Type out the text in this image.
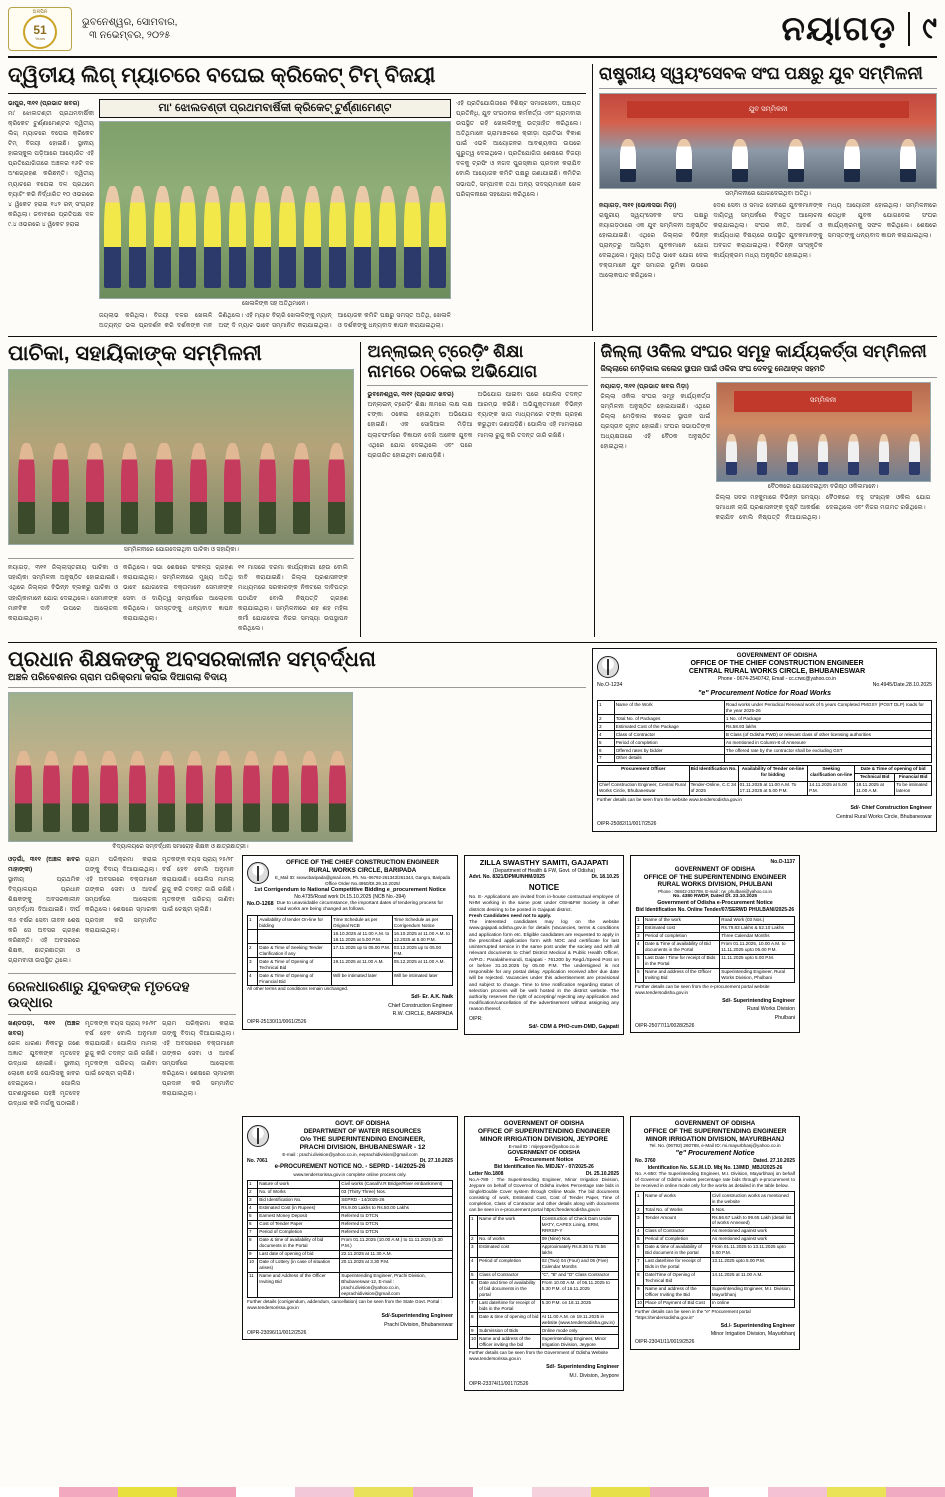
ଅଳ୍ପିନ
51
Years
ଭୁବନେଶ୍ୱର, ସୋମବାର,
୩ ନଭେମ୍ବର, ୨୦୨୫	ନୟାଗଡ଼ ୯
ଦ୍ୱିତୀୟ ଲିଗ୍ ମ୍ୟାଚରେ ବଘେଇ କ୍ରିକେଟ୍ ଟିମ୍ ବିଜୟୀ
ଭାପୁର, ୩୧୧ (ପ୍ରଭାତ ଖବର)

ମା' ଝୋଲତଣ୍ତୀ ପ୍ରଥମବାର୍ଷିକୀ କ୍ରିକେଟ ଟୁର୍ଣ୍ଣାମେଣ୍ଟର ଦ୍ୱିତୀୟ ଲିଗ୍ ମ୍ୟାଚରେ ବଘେଇ କ୍ରିକେଟ ଟିମ୍ ବିଜୟୀ ହୋଇଛି। ସ୍ଥାନୀୟ ହାଇସ୍କୁଲ ପଡ଼ିଆରେ ଆୟୋଜିତ ଏହି ପ୍ରତିଯୋଗିତାରେ ଅଞ୍ଚଳର ୧୬ଟି ଦଳ ଅଂଶଗ୍ରହଣ କରିଛନ୍ତି। ଦ୍ୱିତୀୟ ମ୍ୟାଚରେ ବଘେଇ ଦଳ ପ୍ରଥମେ ବ୍ୟାଟିଂ କରି ନିର୍ଦ୍ଧାରିତ ୧୦ ଓଭରରେ ୪ ୱିକେଟ ହରାଇ ୧୪୨ ରନ୍ ସଂଗ୍ରହ କରିଥିଲା। ଜବାବରେ ପ୍ରତିପକ୍ଷ ଦଳ ୯.୪ ଓଭରରେ ୪ ୱିକେଟ ହରାଇ

ମା' ଝୋଲତଣ୍ତୀ ପ୍ରଥମବାର୍ଷିକୀ କ୍ରିକେଟ୍ ଟୁର୍ଣ୍ଣାମେଣ୍ଟ
ଖେଳାଳିଙ୍କ ସହ ଅତିଥିମାନେ।
ଜୟଲାଭ କରିଥିଲା। ବିଜୟୀ ଦଳର ଖେଳାଳି ଅତ୍ୟନ୍ତ ଭଲ ପ୍ରଦର୍ଶନ କରି ଦର୍ଶକଙ୍କ ମନ ଜିଣିଥିଲେ। ଏହି ମ୍ୟାଚ ବିଚାରି ଖେଳାଳିଙ୍କୁ ମ୍ୟାନ୍ ଅଫ୍ ଦି ମ୍ୟାଚ ଭାବେ ସମ୍ମାନିତ କରାଯାଇଥିଲା। ଆୟୋଜକ କମିଟି ପକ୍ଷରୁ ସମସ୍ତ ଅତିଥି, ଖେଳାଳି ଓ ଦର୍ଶକଙ୍କୁ ଧନ୍ୟବାଦ ଜ୍ଞାପନ କରାଯାଇଥିଲା।

ଏହି ପ୍ରତିଯୋଗିତାରେ ବିଶିଷ୍ଟ ସମାଜସେବୀ, ପଞ୍ଚାୟତ ପ୍ରତିନିଧି, ଯୁବ ସଂଗଠନର କର୍ମକର୍ତ୍ତା ଏବଂ ଗ୍ରାମବାସୀ ଉପସ୍ଥିତ ରହି ଖେଳାଳିଙ୍କୁ ଉତ୍ସାହିତ କରିଥିଲେ। ଅତିଥିମାନେ ଗ୍ରାମାଞ୍ଚଳରେ କ୍ରୀଡ଼ା ପ୍ରତିଭା ବିକାଶ ପାଇଁ ଏଭଳି ଆୟୋଜନର ଆବଶ୍ୟକତା ଉପରେ ଗୁରୁତ୍ୱ ଦେଇଥିଲେ। ପ୍ରତିଯୋଗିତା ଶେଷରେ ବିଜୟୀ ଦଳକୁ ଟ୍ରଫି ଓ ନଗଦ ପୁରସ୍କାର ପ୍ରଦାନ କରାଯିବ ବୋଲି ଆୟୋଜକ କମିଟି ପକ୍ଷରୁ ଜଣାଯାଇଛି। କମିଟିର ସଭାପତି, ସମ୍ପାଦକ ତଥା ଅନ୍ୟ ସଦସ୍ୟମାନେ ଖେଳ ପରିଚାଳନାରେ ସହଯୋଗ କରିଥିଲେ।

ରାଷ୍ଟ୍ରୀୟ ସ୍ୱୟଂସେବକ ସଂଘ ପକ୍ଷରୁ ଯୁବ ସମ୍ମିଳନୀ
ଯୁବ ସମ୍ମିଳନୀ
ସମ୍ମିଳନୀରେ ଯୋଗଦେଇଥିବା ଅତିଥି।
ନୟାଗଡ଼, ୩୧୧ (ଭୋକସଭା ମିଡ଼ା)

ରାଷ୍ଟ୍ରୀୟ ସ୍ୱୟଂସେବକ ସଂଘ ପକ୍ଷରୁ ନୟାଗଡ଼ଠାରେ ଏକ ଯୁବ ସମ୍ମିଳନୀ ଅନୁଷ୍ଠିତ ହୋଇଯାଇଛି। ଏଥିରେ ଜିଲ୍ଲାର ବିଭିନ୍ନ ପ୍ରାନ୍ତରୁ ଆସିଥିବା ଯୁବକମାନେ ଯୋଗ ଦେଇଥିଲେ। ମୁଖ୍ୟ ଅତିଥି ଭାବେ ଯୋଗ ଦେଇ ବକ୍ତାମାନେ ଯୁବ ସମାଜର ଭୂମିକା ଉପରେ ଆଲୋକପାତ କରିଥିଲେ।

ଦେଶ ସେବା ଓ ସମାଜ ସେବାରେ ଯୁବକମାନଙ୍କ ଦାୟିତ୍ୱ ସମ୍ପର୍କରେ ବିସ୍ତୃତ ଆଲୋଚନା କରାଯାଇଥିଲା। ସଂଘର ନୀତି, ଆଦର୍ଶ ଓ କାର୍ଯ୍ୟଧାରା ବିଷୟରେ ଉପସ୍ଥିତ ଯୁବକମାନଙ୍କୁ ଅବଗତ କରାଯାଇଥିଲା। ବିଭିନ୍ନ ସାଂସ୍କୃତିକ କାର୍ଯ୍ୟକ୍ରମ ମଧ୍ୟ ଅନୁଷ୍ଠିତ ହୋଇଥିଲା।

ମଧ୍ୟ ଆୟୋଜନ ହୋଇଥିଲା। ସମ୍ମିଳନୀରେ ଶତାଧିକ ଯୁବକ ଯୋଗଦେଇ ସଂଘର କାର୍ଯ୍ୟକ୍ରମକୁ ସଫଳ କରିଥିଲେ। ଶେଷରେ ସମସ୍ତଙ୍କୁ ଧନ୍ୟବାଦ ଜ୍ଞାପନ କରାଯାଇଥିଲା।

ପାଚିକା, ସହାୟିକାଙ୍କ ସମ୍ମିଳନୀ
ସମ୍ମିଳନୀରେ ଯୋଗଦେଇଥିବା ପାଚିକା ଓ ସହାୟିକା।

ନୟାଗଡ଼, ୩୧୧ ଜିଲ୍ଲାସ୍ତରୀୟ ପାଚିକା ଓ ସହାୟିକା ସମ୍ମିଳନୀ ଅନୁଷ୍ଠିତ ହୋଇଯାଇଛି। ଏଥିରେ ଜିଲ୍ଲାର ବିଭିନ୍ନ ବ୍ଲକରୁ ପାଚିକା ଓ ସହାୟିକାମାନେ ଯୋଗ ଦେଇଥିଲେ। ସେମାନଙ୍କ ମାନବିକ ଦାବି ଉପରେ ଆଲୋଚନା କରାଯାଇଥିଲା।

କରିଥିଲେ। ସଭା ଶେଷରେ ସଂକଳ୍ପ ଗ୍ରହଣ କରାଯାଇଥିଲା। ସମ୍ମିଳନୀରେ ମୁଖ୍ୟ ଅତିଥି ଭାବେ ଯୋଗଦେଇ ବକ୍ତାମାନେ ସେମାନଙ୍କ ସେବା ଓ ଦାୟିତ୍ୱ ସମ୍ପର୍କରେ ଆଲୋଚନା କରିଥିଲେ। ସମସ୍ତଙ୍କୁ ଧନ୍ୟବାଦ ଜ୍ଞାପନ କରାଯାଇଥିଲା।

୧୧ ମାସରେ ଦରମା କାର୍ଯ୍ୟକାରୀ ହେଉ ବୋଲି ଦାବି କରାଯାଇଛି। ଜିଲ୍ଲା ପ୍ରଶାସନଙ୍କ ମାଧ୍ୟମରେ ସରକାରଙ୍କ ନିକଟରେ ଦାବିପତ୍ର ପଠାଯିବ ବୋଲି ନିଷ୍ପତ୍ତି ଗ୍ରହଣ କରାଯାଇଥିଲା। ସମ୍ମିଳନୀରେ ଶହ ଶହ ମହିଳା କର୍ମୀ ଯୋଗଦେଇ ନିଜର ସମସ୍ୟା ଉପସ୍ଥାପନ କରିଥିଲେ।

ଅନ୍‌ଲାଇନ୍ ଟ୍ରେଡ଼ିଂ ଶିକ୍ଷା
ନାମରେ ଠକେଇ ଅଭିଯୋଗ
ଭୁବନେଶ୍ୱର, ୩୧୧ (ପ୍ରଭାତ ଖବର)

ଅନ୍‌ଲାଇନ୍ ଟ୍ରେଡ଼ିଂ ଶିକ୍ଷା ନାମରେ ଲକ୍ଷ ଲକ୍ଷ ଟଙ୍କା ଠକେଇ ହୋଇଥିବା ଅଭିଯୋଗ ହୋଇଛି। ଏକ ସୋସିଆଲ ମିଡ଼ିଆ ପ୍ଲାଟଫର୍ମରେ ବିଜ୍ଞାପନ ଦେଖି ଅନେକ ଯୁବକ ଏଥିରେ ଯୋଗ ଦେଇଥିଲେ ଏବଂ ପରେ ପ୍ରତାରିତ ହୋଇଥିବା ଜଣାପଡ଼ିଛି।

ଅଭିଯୋଗ ପାଇବା ପରେ ପୋଲିସ ତଦନ୍ତ ଆରମ୍ଭ କରିଛି। ଅଭିଯୁକ୍ତମାନେ ବିଭିନ୍ନ ବ୍ୟାଙ୍କ ଖାତା ମାଧ୍ୟମରେ ଟଙ୍କା ଗ୍ରହଣ କରୁଥିବା ଜଣାପଡ଼ିଛି। ପୋଲିସ ଏହି ମାମଲାରେ ମାମଲା ରୁଜୁ କରି ତଦନ୍ତ ଜାରି ରଖିଛି।

ଜିଲ୍ଲା ଓକିଲ ସଂଘର ସମୂହ କାର୍ଯ୍ୟକର୍ତ୍ତା ସମ୍ମିଳନୀ
ଜିଲ୍ଲାରେ ମେଡ଼ିକାଲ କଲେଜ ସ୍ଥାପନ ପାଇଁ ଓକିଲ ସଂଘ ଦେବଦୁ ନେଥାଙ୍କ ସହମତି
ନୟାଗଡ଼, ୩୧୧ (ପ୍ରଭାତ ଖବର ମିଡ଼ା)

ଜିଲ୍ଲା ଓକିଲ ସଂଘର ସମୂହ କାର୍ଯ୍ୟକର୍ତ୍ତା ସମ୍ମିଳନୀ ଅନୁଷ୍ଠିତ ହୋଇଯାଇଛି। ଏଥିରେ ଜିଲ୍ଲା ମେଡ଼ିକାଲ କଲେଜ ସ୍ଥାପନ ପାଇଁ ପ୍ରସ୍ତାବ ଗୃହୀତ ହୋଇଛି। ସଂଘର ସଭାପତିଙ୍କ ଅଧ୍ୟକ୍ଷତାରେ ଏହି ବୈଠକ ଅନୁଷ୍ଠିତ ହୋଇଥିଲା।

ସମ୍ମିଳନୀ
ବୈଠକରେ ଯୋଗଦେଇଥିବା ବରିଷ୍ଠ ଓକିଲମାନେ।
ଜିଲ୍ଲା ସଦର ମହକୁମାରେ ବିଭିନ୍ନ ସମସ୍ୟା ସମାଧାନ ଲାଗି ପ୍ରଶାସନଙ୍କ ଦୃଷ୍ଟି ଆକର୍ଷଣ କରାଯିବ ବୋଲି ନିଷ୍ପତ୍ତି ନିଆଯାଇଥିଲା। ବୈଠକରେ ବହୁ ସଂଖ୍ୟକ ଓକିଲ ଯୋଗ ଦେଇଥିଲେ ଏବଂ ନିଜର ମତାମତ ରଖିଥିଲେ।
ପ୍ରଧାନ ଶିକ୍ଷକଙ୍କୁ ଅବସରକାଳୀନ ସମ୍ବର୍ଦ୍ଧନା
ଅଞ୍ଚଳ ପରିବେଶନର ଗ୍ରାମ ପରିକ୍ରମା କରାଇ ଦିଆଗଲା ବିଦାୟ
ବିଦ୍ୟାଳୟରେ ସମ୍ବର୍ଦ୍ଧନା ସମାରୋହ ଶିକ୍ଷକ ଓ ଛାତ୍ରଛାତ୍ରୀ।
GOVERNMENT OF ODISHA
OFFICE OF THE CHIEF CONSTRUCTION ENGINEER
CENTRAL RURAL WORKS CIRCLE, BHUBANESWAR
Phone - 0674-2540742, Email - cc.crwc@yahoo.co.in
No.O-1234	No.4945/Date.28.10.2025
"e" Procurement Notice for Road Works
1	Name of the Work	Road works under Periodical Renewal work of 5 years Completed PMGSY (POST DLP) roads for the year 2025-26
2	Total No. of Packages	1 No. of Package
3	Estimated Cost of the Package	Rs.58.93 lakhs
4	Class of Contractor	B Class (of Odisha PWD) or relevant class of other licensing authorities
5	Period of completion	As mentioned in Column-8 of Annexure
6	Offered rates by bidder	The offered rate by the contractor shall be excluding GST
7	Other details	
Procurement Officer	Bid Identification No.	Availability of Tender on-line for bidding	Seeking clarification on-line	Date & Time of opening of bid	
				Technical Bid	Financial Bid
Chief Construction Engineer, Central Rural Works Circle, Bhubaneswar	Tender-Online, C.C 34 of 2025	01.11.2025 at 11.00 A.M. To 17.11.2025 at 5.00 P.M.	14.11.2025 at 5.00 P.M.	18.11.2025 at 11.00 A.M.	To be intimated lateron
Further details can be seen from the website www.tendersodisha.gov.in
Sd/- Chief Construction Engineer
Central Rural Works Circle, Bhubaneswar
OIPR-25082/11/0017/2526
ଓଡ଼ଗାଁ, ୩୧୧ (ଅଞ୍ଚଳ ଖବର ମାହାଙ୍କୀ)

ସ୍ଥାନୀୟ ପ୍ରାଥମିକ ବିଦ୍ୟାଳୟର ପ୍ରଧାନ ଶିକ୍ଷକଙ୍କୁ ଅବସରକାଳୀନ ସମ୍ବର୍ଦ୍ଧନା ଦିଆଯାଇଛି। ଦୀର୍ଘ ୩୫ ବର୍ଷର ସେବା ଜୀବନ ଶେଷ କରି ସେ ଅବସର ଗ୍ରହଣ କରିଛନ୍ତି। ଏହି ଅବସରରେ ଶିକ୍ଷକ, ଛାତ୍ରଛାତ୍ରୀ ଓ ଗ୍ରାମବାସୀ ଉପସ୍ଥିତ ଥିଲେ।

ଗ୍ରାମ ପରିକ୍ରମା କରାଇ ତାଙ୍କୁ ବିଦାୟ ଦିଆଯାଇଥିଲା। ଏହି ଅବସରରେ ବକ୍ତାମାନେ ତାଙ୍କର ସେବା ଓ ଆଦର୍ଶ ସମ୍ପର୍କରେ ଆଲୋଚନା କରିଥିଲେ। ଶେଷରେ ସ୍ମାରକୀ ପ୍ରଦାନ କରି ସମ୍ମାନିତ କରାଯାଇଥିଲା।

ମୃତକଙ୍କ ବୟସ ପ୍ରାୟ ୨୫/୨୮ ବର୍ଷ ହେବ ବୋଲି ଅନୁମାନ କରାଯାଉଛି। ପୋଲିସ ମାମଲା ରୁଜୁ କରି ତଦନ୍ତ ଜାରି ରଖିଛି। ମୃତକଙ୍କ ପରିଚୟ ଜାଣିବା ପାଇଁ ଚେଷ୍ଟା ଚାଲିଛି।

ରେଳଧାରଣାରୁ ଯୁବକଙ୍କ ମୃତଦେହ ଉଦ୍ଧାର
ଖଣ୍ଡପଡ଼ା, ୩୧୧ (ଅଞ୍ଚଳ ଖବର)

ରେଳ ଧାରଣା ନିକଟରୁ ଜଣେ ଅଜ୍ଞାତ ଯୁବକଙ୍କ ମୃତଦେହ ଉଦ୍ଧାର ହୋଇଛି। ସ୍ଥାନୀୟ ଲୋକେ ଦେଖି ପୋଲିସକୁ ଖବର ଦେଇଥିଲେ। ପୋଲିସ ଘଟଣାସ୍ଥଳରେ ପହଞ୍ଚି ମୃତଦେହ ଉଦ୍ଧାର କରି ମର୍ଗକୁ ପଠାଇଛି।

ମୃତକଙ୍କ ବୟସ ପ୍ରାୟ ୨୫/୨୮ ବର୍ଷ ହେବ ବୋଲି ଅନୁମାନ କରାଯାଉଛି। ପୋଲିସ ମାମଲା ରୁଜୁ କରି ତଦନ୍ତ ଜାରି ରଖିଛି। ମୃତକଙ୍କ ପରିଚୟ ଜାଣିବା ପାଇଁ ଚେଷ୍ଟା ଚାଲିଛି।

ଗ୍ରାମ ପରିକ୍ରମା କରାଇ ତାଙ୍କୁ ବିଦାୟ ଦିଆଯାଇଥିଲା। ଏହି ଅବସରରେ ବକ୍ତାମାନେ ତାଙ୍କର ସେବା ଓ ଆଦର୍ଶ ସମ୍ପର୍କରେ ଆଲୋଚନା କରିଥିଲେ। ଶେଷରେ ସ୍ମାରକୀ ପ୍ରଦାନ କରି ସମ୍ମାନିତ କରାଯାଇଥିଲା।

OFFICE OF THE CHIEF CONSTRUCTION ENGINEER
RURAL WORKS CIRCLE, BARIPADA
E_Mail ID: sexwcbaripada@gmail.com, Ph. No.-06792-261343/261344, Gangra, Baripada
Office Order No.4950/Dt.29.10.2025/
1st Corrigendum to National Competitive Bidding e_procurement Notice
No.4735/Road work Dt.15.10.2025 (NCB No.-394)
No.O-1268 Due to unavoidable circumstance, the important dates of tendering process for road works are being changed as follows.
1	Availability of tender On-line for bidding	Time Schedule as per Original NCB	Time Schedule as per Corrigendum Notice
		16.10.2025 at 11.00 A.M. to 18.11.2025 at 5.00 P.M.	16.10.2025 at 11.00 A.M. to 12.2025 at 5.00 P.M.
2	Date & Time of Seeking Tender Clarification if any	17.11.2025 up to 05.00 P.M.	03.12.2025 up to 05.00 P.M.
3	Date & Time of Opening of Technical Bid	19.11.2025 at 11.00 A.M.	05.12.2025 at 11.00 A.M.
4	Date & Time of Opening of Financial Bid	Will be intimated later	Will be intimated later
All other terms and conditions remain unchanged.
Sd/- Er. A.K. Naik
Chief Construction Engineer
R.W. CIRCLE, BARIPADA
OIPR-25130/11/0061/2526
ZILLA SWASTHY SAMITI, GAJAPATI
(Department of Health & FW, Govt. of Odisha)
Advt. No. 8321/DPMU/NHM/2025	Dt. 18.10.25
NOTICE
No. E- Applications are invited from in-house contractual employee of NHM working in the same post under OSH&FW Society in other districts desiring to be posted in Gajapati district.
Fresh Candidates need not to apply.
The interested candidates may log on the website www.gajapati.odisha.gov.in for details (Vacancies, terms & conditions and application form etc. Eligible candidates are requested to apply in the prescribed application form with NOC and certificate for last uninterrupted service in the same post under the society and with all relevant documents to Chief District Medical & Public Health Officer, AI/P.O.: Paralakhemundi, Gajapati - 761200 by Regd./Speed Post on or before 31.10.2025 by 05.00 P.M. The undersigned is not responsible for any postal delay. Application received after due date will be rejected. Vacancies under this advertisement are provisional and subject to change. Time to time notification regarding status of selection process will be web hosted in the district website. The authority reserves the right of accepting/ rejecting any application and modification/cancellation of the advertisement without assigning any reason thereof.
OIPR:
Sd/- CDM & PHO-cum-DMD, Gajapati
No.O-1137
GOVERNMENT OF ODISHA
OFFICE OF THE SUPERINTENDING ENGINEER
RURAL WORKS DIVISION, PHULBANI
Phone : 06842-253708, E-mail : rw_phulbani@yahoo.co.in
No. 4380 RWDP, Dated Dt. 23.10.2025
Government of Odisha e-Procurement Notice
Bid Identification No. Online Tender/07/SERWD PHULBANI/2025-26
1	Name of the work	Road Work (03 Nos.)
2	Estimated cost	Rs.79.83 Lakhs & 52.10 Lakhs
3	Period of completion	Three Calendar Months
4	Date & Time of availability of Bid documents in the Portal	From 01.11.2025, 10.00 A.M. to 11.11.2025 upto 05.00 P.M.
5	Last Date / Time for receipt of Bids in the Portal	11.11.2025 upto 5.00 P.M.
6	Name and address of the Officer Inviting Bid	Superintending Engineer, Rural Works Division, Phulbani
Further details can be seen from the e-procurement portal website www.tendersodisha.gov.in
Sd/- Superintending Engineer
Rural Works Division
Phulbani
OIPR-25077/11/0028/2526
GOVT. OF ODISHA
DEPARTMENT OF WATER RESOURCES
O/o THE SUPERINTENDING ENGINEER,
PRACHI DIVISION, BHUBANESWAR - 12
E-mail : prachi.division@yahoo.co.in, eeprachidivision@gmail.com
No. 7061	Dt. 27.10.2025
e-PROCUREMENT NOTICE NO. - SEPRD - 14/2025-26
www.tendersorissa.gov.in complete online process only.
1	Nature of work	Civil works (Canal/V.R Bridge/River embankment)
2	No. of Works	03 (Thirty Three) Nos.
3	Bid Identification No.	SEPRD - 14/2025-26
4	Estimated Cost (in Rupees)	Rs.9.00 Lakhs to Rs.50.00 Lakhs
5	Earnest Money Deposit	Referred to DTCN
6	Cost of Tender Paper	Referred to DTCN
7	Period of Completion	Referred to DTCN
8	Date & time of availability of bid documents in the Portal	From 01.11.2025 (10.00 A.M.) to 11.11.2025 (5.30 P.M.)
9	Last date of opening of bid	22.11.2025 at 11.30 A.M.
10	Date of Lottery (in case of situation arises)	20.11.2025 at 3.30 P.M.
11	Name and Address of the Officer Inviting Bid	Superintending Engineer, Prachi Division, Bhubaneswar-12, E-mail : prachi.division@yahoo.co.in, eeprachidivision@gmail.com
Further details (corrigendum, addendum, cancellation) can be seen from the State Govt. Portal : www.tendersorissa.gov.in
Sd/-Superintending Engineer
Prachi Division, Bhubaneswar
OIPR-23096/11/0012/2526
GOVERNMENT OF ODISHA
OFFICE OF SUPERINTENDING ENGINEER
MINOR IRRIGATION DIVISION, JEYPORE
E-mail ID : mijeypore@yahoo.co.in
GOVERNMENT OF ODISHA
E-Procurement Notice
Bid Identification No. MIDJEY - 07/2025-26
Letter No.1808	Dt. 25.10.2025
No.A-789 : The Superintending Engineer, Minor Irrigation Division, Jeypore on behalf of Governor of Odisha invites Percentage rate bids in Single/Double Cover system through Online Mode. The bid documents consisting of work, Estimated Cost, Cost of Tender Paper, Time of completion, Class of Contractor and other details along with documents can be seen in e-procurement portal https://tendersodisha.gov.in
1	Name of the work	Construction of Check Dam Under MATY, CAPEX Lining, ERM, RRRSP-Y
2	No. of works	09 (Nine) Nos.
3	Estimated cost	Approximately Rs.8.36 to 75.56 lakhs
4	Period of completion	02 (Two) 04 (Four) and 05 (Five) Calendar Months
5	Class of Contractor	"C", "B" and "D" Class Contractor
6	Date and time of availability of bid documents in the portal	From 10.00 A.M. of 06.11.2025 to 5.30 P.M. of 16.11.2025
7	Last date/time for receipt of bids in the Portal	5.30 P.M. on 18.11.2025
8	Date & time of opening of bid	At 11.00 A.M. on 19.11.2025 in website (www.tendersodisha.gov.in)
9	Submission of Bids	Online mode only
10	Name and address of the Officer inviting the bid	Superintending Engineer, Minor Irrigation Division, Jeypore
Further details can be seen from the Government of Odisha Website www.tendersorissa.gov.in
Sd/- Superintending Engineer
M.I. Division, Jeypore
OIPR-23374/11/0017/2526
GOVERNMENT OF ODISHA
OFFICE OF THE SUPERINTENDING ENGINEER
MINOR IRRIGATION DIVISION, MAYURBHANJ
Tel. No. (06792) 260788, e-Mail ID: mi.mayurbhanj@yahoo.co.in
"e" Procurement Notice
No. 3760	Dated. 27.10.2025
Identification No. S.E.M.I.D. Mbj No. 13/MID_MBJ/2025-26
No. A-850: The Superintending Engineer, M.I. Division, Mayurbhanj on behalf of Governor of Odisha invites percentage rate bids through e-procurement to be received in online mode only for the works as detailed in the table below.
1	Name of works	Civil construction works as mentioned in the website
2	Total No. of Works	5 Nos.
3	Tender Amount	Rs.56.67 Lakh to 99.65 Lakh (detail list of works Annexed)
4	Class of Contractor	As mentioned against work
5	Period of Completion	As mentioned against work
6	Date & time of availability of Bid document in the portal	From 01.11.2025 to 13.11.2025 upto 5.00 P.M.
7	Last date/time for receipt of Bids in the portal	13.11.2025 upto 5.00 P.M.
8	Date/Time of Opening of Technical Bid	14.11.2025 at 11.00 A.M.
9	Name and address of the Officer Inviting the Bid	Superintending Engineer, M.I. Division, Mayurbhanj
10	Place of Payment of Bid Cost	In online
Further details can be seen in the "e" Procurement portal "https://tendersodisha.gov.in"
Sd./- Superintending Engineer
Minor Irrigation Division, Mayurbhanj
OIPR-23041/11/0019/2526
